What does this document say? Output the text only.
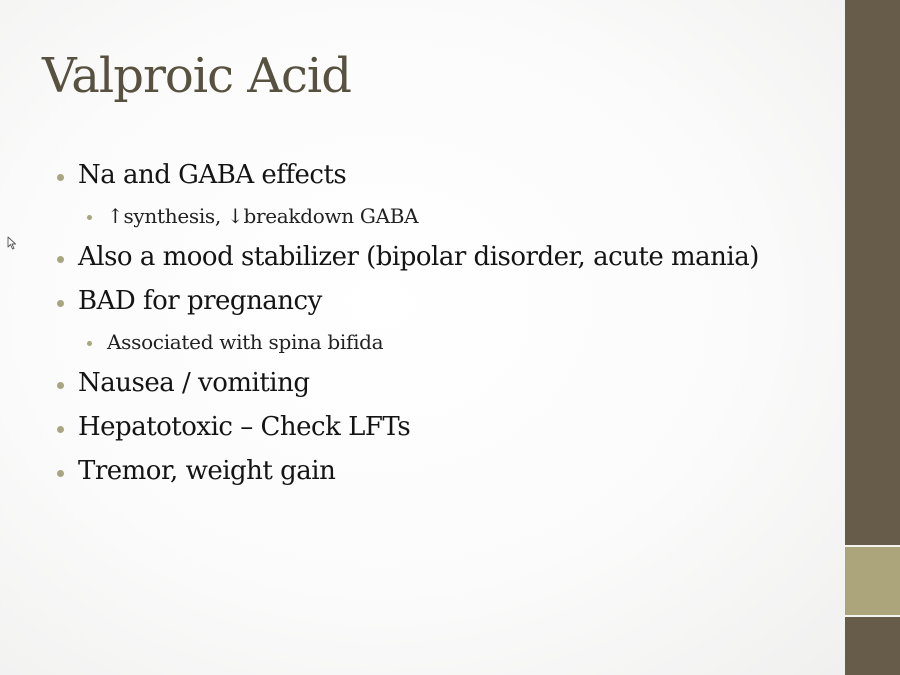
Valproic Acid
Na and GABA effects
↑synthesis, ↓breakdown GABA
Also a mood stabilizer (bipolar disorder, acute mania)
BAD for pregnancy
Associated with spina bifida
Nausea / vomiting
Hepatotoxic – Check LFTs
Tremor, weight gain
